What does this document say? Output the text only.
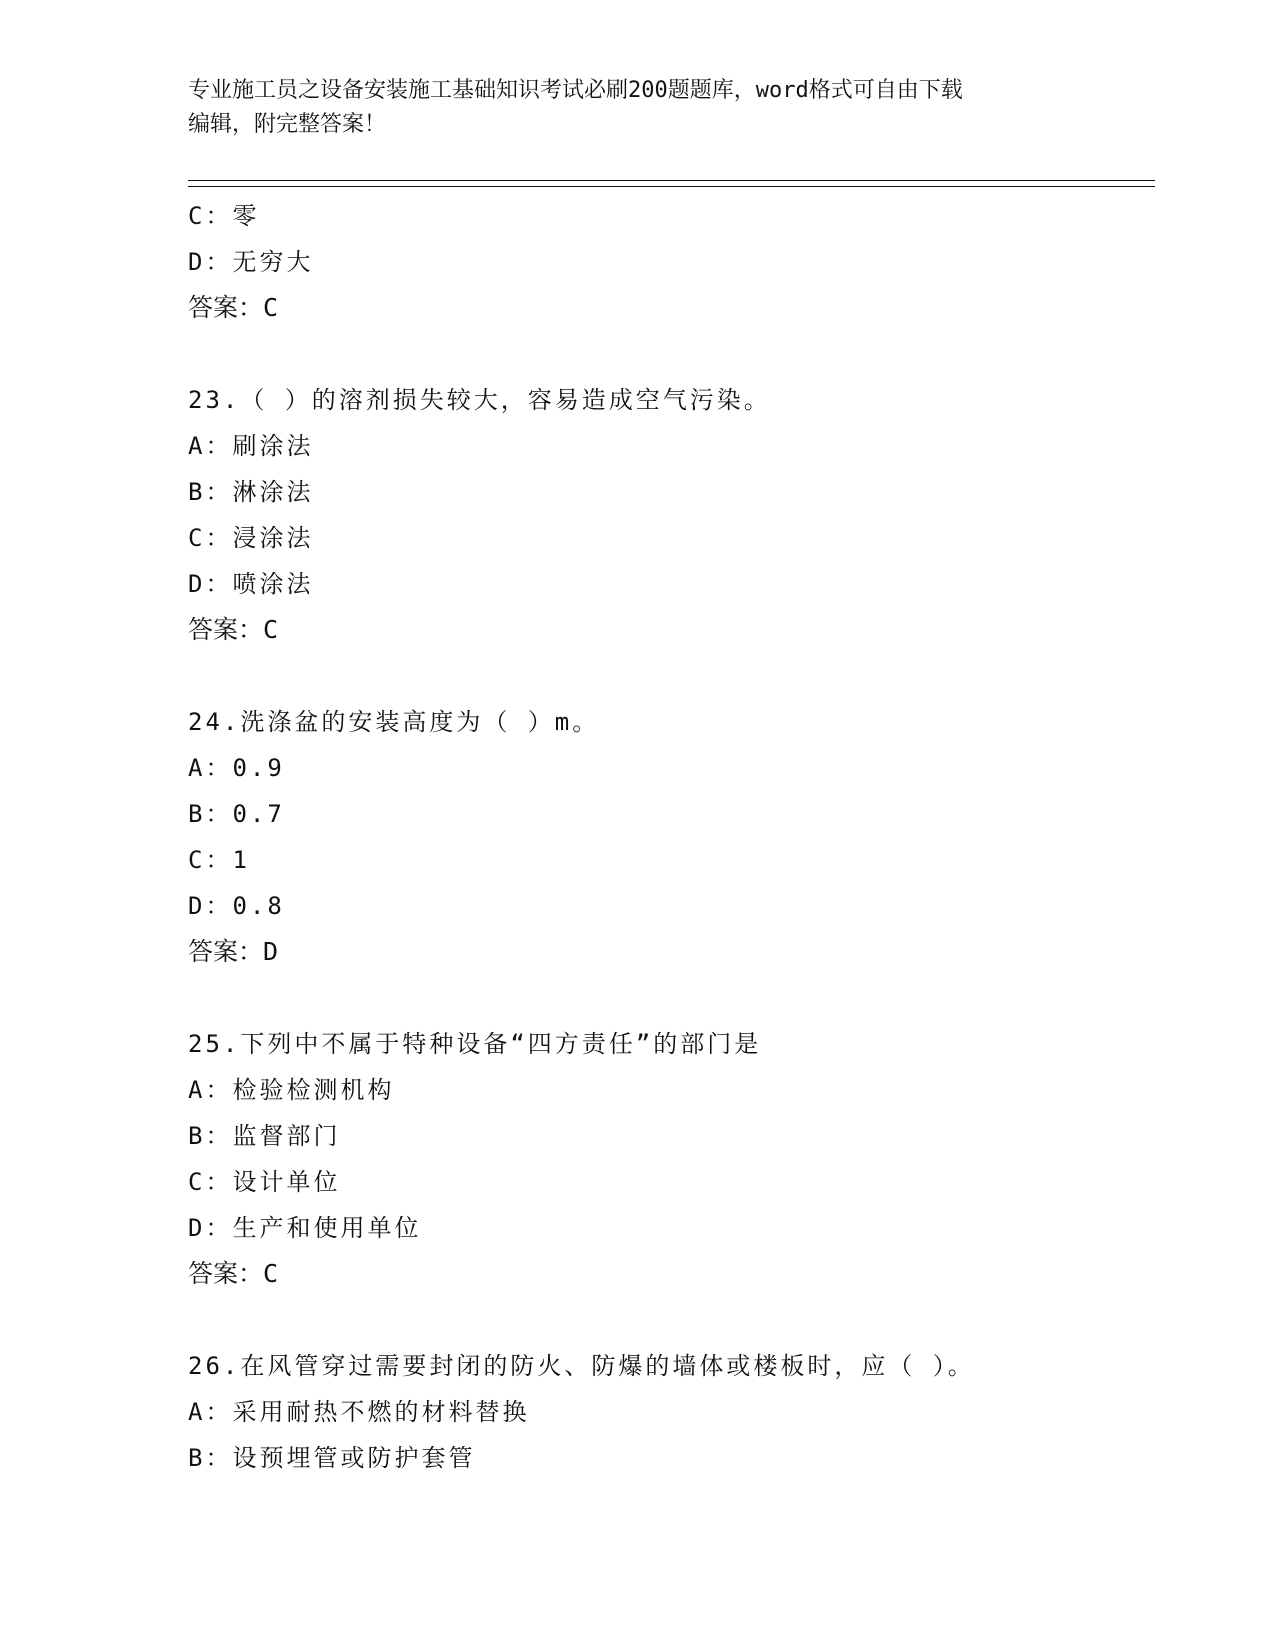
专业施工员之设备安装施工基础知识考试必刷200题题库，word格式可自由下载
编辑，附完整答案！
C：零
D：无穷大
答案：C
23.（ ）的溶剂损失较大，容易造成空气污染。
A：刷涂法
B：淋涂法
C：浸涂法
D：喷涂法
答案：C
24.洗涤盆的安装高度为（ ）m。
A：0.9
B：0.7
C：1
D：0.8
答案：D
25.下列中不属于特种设备“四方责任”的部门是
A：检验检测机构
B：监督部门
C：设计单位
D：生产和使用单位
答案：C
26.在风管穿过需要封闭的防火、防爆的墙体或楼板时，应（ ）。
A：采用耐热不燃的材料替换
B：设预埋管或防护套管
